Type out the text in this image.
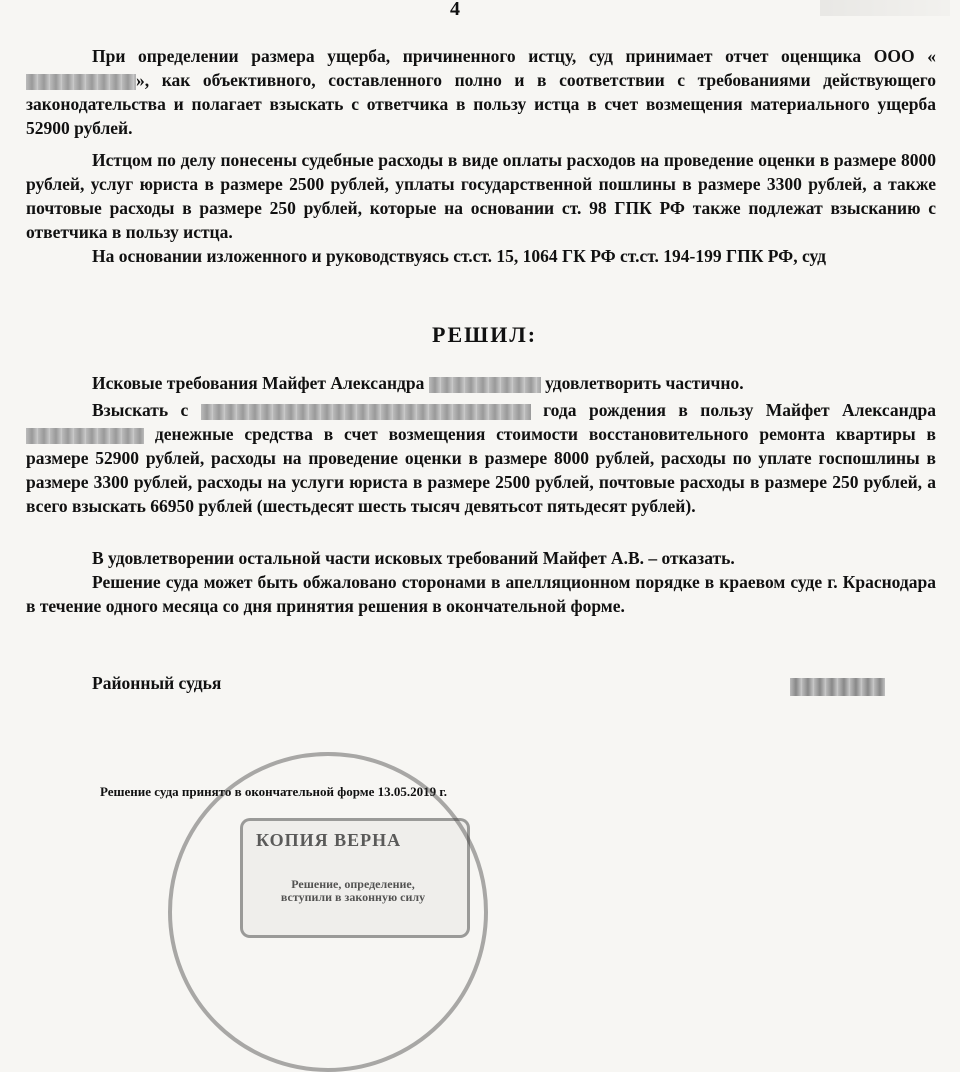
4

При определении размера ущерба, причиненного истцу, суд принимает отчет оценщика ООО «», как объективного, составленного полно и в соответствии с требованиями действующего законодательства и полагает взыскать с ответчика в пользу истца в счет возмещения материального ущерба 52900 рублей.

Истцом по делу понесены судебные расходы в виде оплаты расходов на проведение оценки в размере 8000 рублей, услуг юриста в размере 2500 рублей, уплаты государственной пошлины в размере 3300 рублей, а также почтовые расходы в размере 250 рублей, которые на основании ст. 98 ГПК РФ также подлежат взысканию с ответчика в пользу истца.

На основании изложенного и руководствуясь ст.ст. 15, 1064 ГК РФ ст.ст. 194-199 ГПК РФ, суд

РЕШИЛ:

Исковые требования Майфет Александра	удовлетворить частично.

Взыскать с	года рождения в пользу Майфет Александра  денежные средства в счет возмещения стоимости восстановительного ремонта квартиры в размере 52900 рублей, расходы на проведение оценки в размере 8000 рублей, расходы по уплате госпошлины в размере 3300 рублей, расходы на услуги юриста в размере 2500 рублей, почтовые расходы в размере 250 рублей, а всего взыскать 66950 рублей (шестьдесят шесть тысяч девятьсот пятьдесят рублей).

В удовлетворении остальной части исковых требований Майфет А.В. – отказать.

Решение суда может быть обжаловано сторонами в апелляционном порядке в краевом суде г. Краснодара в течение одного месяца со дня принятия решения в окончательной форме.

Районный судья
Решение суда принято в окончательной форме 13.05.2019 г.
КОПИЯ ВЕРНА
Решение, определение, вступили в законную силу
